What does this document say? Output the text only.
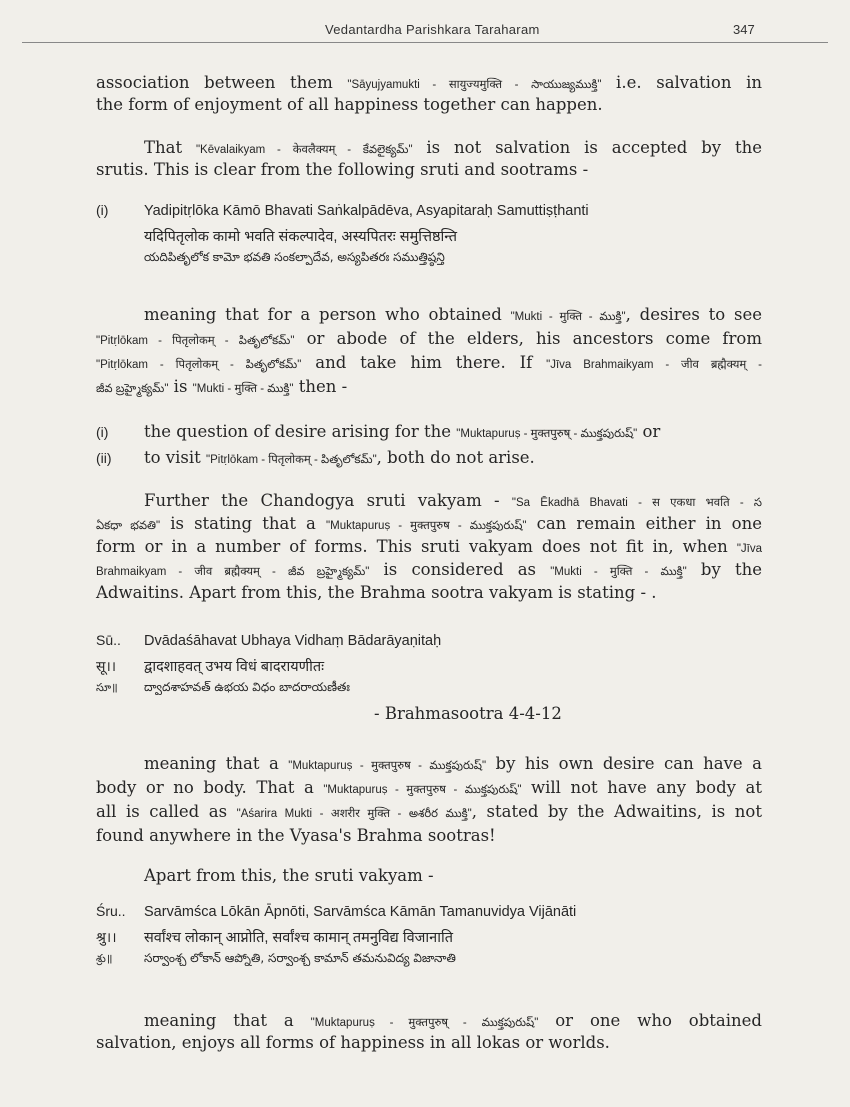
Vedantardha Parishkara Taraharam	347
association between them "Sāyujyamukti - सायुज्यमुक्ति - సాయుజ్యముక్తి" i.e. salvation in
the form of enjoyment of all happiness together can happen.
That "Kēvalaikyam - केवलैक्यम् - కేవలైక్యమ్" is not salvation is accepted by the
srutis. This is clear from the following sruti and sootrams -
(i) Yadipitṛlōka Kāmō Bhavati Saṅkalpādēva, Asyapitaraḥ Samuttiṣṭhanti
यदिपितृलोक कामो भवति संकल्पादेव, अस्यपितरः समुत्तिष्ठन्ति
యదిపితృలోక కామో భవతి సంకల్పాదేవ, అస్యపితరః సముత్తిష్ఠన్తి
meaning that for a person who obtained "Mukti - मुक्ति - ముక్తి", desires to see
"Pitṛlōkam - पितृलोकम् - పితృలోకమ్" or abode of the elders, his ancestors come from
"Pitṛlōkam - पितृलोकम् - పితృలోకమ్" and take him there. If "Jīva Brahmaikyam - जीव ब्रह्मैक्यम् -
జీవ బ్రహ్మైక్యమ్" is "Mukti - मुक्ति - ముక్తి" then -
(i) the question of desire arising for the "Muktapuruṣ - मुक्तपुरुष् - ముక్తపురుష్" or
(ii) to visit "Pitṛlōkam - पितृलोकम् - పితృలోకమ్", both do not arise.
Further the Chandogya sruti vakyam - "Sa Ēkadhā Bhavati - स एकधा भवति - స
ఏకధా భవతి" is stating that a "Muktapuruṣ - मुक्तपुरुष - ముక్తపురుష్" can remain either in one
form or in a number of forms. This sruti vakyam does not fit in, when "Jīva
Brahmaikyam - जीव ब्रह्मैक्यम् - జీవ బ్రహ్మైక్యమ్" is considered as "Mukti - मुक्ति - ముక్తి" by the
Adwaitins. Apart from this, the Brahma sootra vakyam is stating - .
Sū.. Dvādaśāhavat Ubhaya Vidhaṃ Bādarāyaṇitaḥ
सू।। द्वादशाहवत् उभय विधं बादरायणीतः
సూ॥ ద్వాదశాహవత్ ఉభయ విధం బాదరాయణీతః
- Brahmasootra 4-4-12
meaning that a "Muktapuruṣ - मुक्तपुरुष - ముక్తపురుష్" by his own desire can have a
body or no body. That a "Muktapuruṣ - मुक्तपुरुष - ముక్తపురుష్" will not have any body at
all is called as "Aśarira Mukti - अशरीर मुक्ति - అశరీర ముక్తి", stated by the Adwaitins, is not
found anywhere in the Vyasa's Brahma sootras!
Apart from this, the sruti vakyam -
Śru.. Sarvāmśca Lōkān Āpnōti, Sarvāmśca Kāmān Tamanuvidya Vijānāti
श्रु।। सर्वांश्च लोकान् आप्नोति, सर्वांश्च कामान् तमनुविद्य विजानाति
శ్రు॥	సర్వాంశ్చ లోకాన్ ఆప్నోతి, సర్వాంశ్చ కామాన్ తమనువిద్య విజానాతి
meaning that a "Muktapuruṣ - मुक्तपुरुष् - ముక్తపురుష్" or one who obtained
salvation, enjoys all forms of happiness in all lokas or worlds.
